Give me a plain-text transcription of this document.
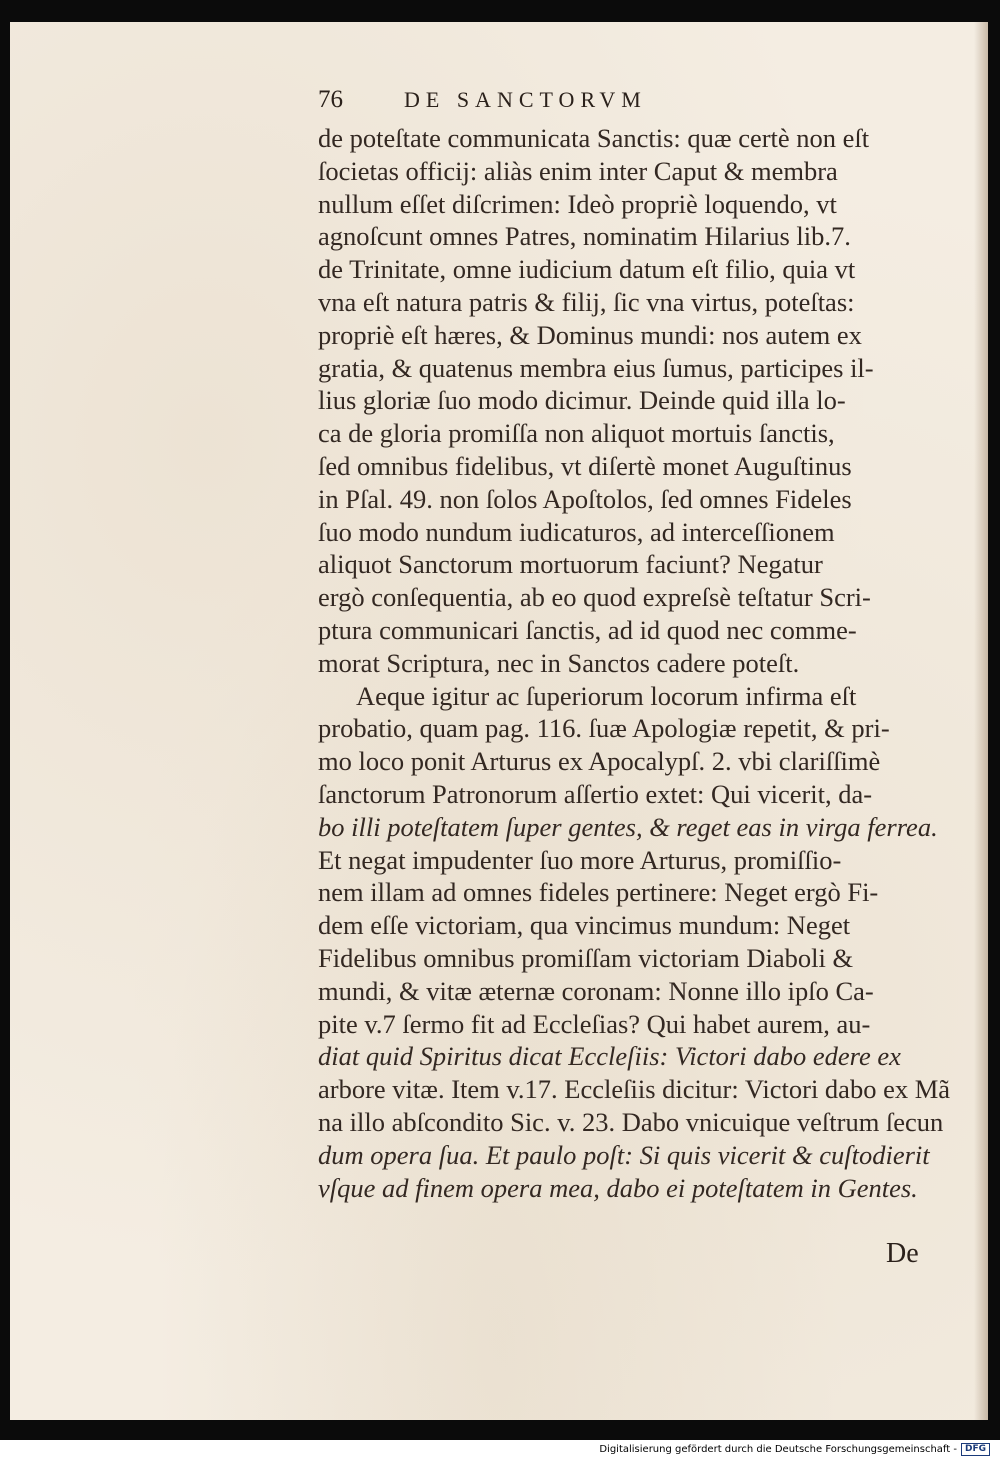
76	DE SANCTORVM
de poteſtate communicata Sanctis: quæ certè non eſt
ſocietas officij: aliàs enim inter Caput & membra
nullum eſſet diſcrimen: Ideò propriè loquendo, vt
agnoſcunt omnes Patres, nominatim Hilarius lib.7.
de Trinitate, omne iudicium datum eſt filio, quia vt
vna eſt natura patris & filij, ſic vna virtus, poteſtas:
propriè eſt hæres, & Dominus mundi: nos autem ex
gratia, & quatenus membra eius ſumus, participes il-
lius gloriæ ſuo modo dicimur. Deinde quid illa lo-
ca de gloria promiſſa non aliquot mortuis ſanctis,
ſed omnibus fidelibus, vt diſertè monet Auguſtinus
in Pſal. 49. non ſolos Apoſtolos, ſed omnes Fideles
ſuo modo nundum iudicaturos, ad interceſſionem
aliquot Sanctorum mortuorum faciunt? Negatur
ergò conſequentia, ab eo quod expreſsè teſtatur Scri-
ptura communicari ſanctis, ad id quod nec comme-
morat Scriptura, nec in Sanctos cadere poteſt.
Aeque igitur ac ſuperiorum locorum infirma eſt
probatio, quam pag. 116. ſuæ Apologiæ repetit, & pri-
mo loco ponit Arturus ex Apocalypſ. 2. vbi clariſſimè
ſanctorum Patronorum aſſertio extet: Qui vicerit, da-
bo illi poteſtatem ſuper gentes, & reget eas in virga ferrea.
Et negat impudenter ſuo more Arturus, promiſſio-
nem illam ad omnes fideles pertinere: Neget ergò Fi-
dem eſſe victoriam, qua vincimus mundum: Neget
Fidelibus omnibus promiſſam victoriam Diaboli &
mundi, & vitæ æternæ coronam: Nonne illo ipſo Ca-
pite v.7 ſermo fit ad Eccleſias? Qui habet aurem, au-
diat quid Spiritus dicat Eccleſiis: Victori dabo edere ex
arbore vitæ. Item v.17. Eccleſiis dicitur: Victori dabo ex Mã
na illo abſcondito Sic. v. 23. Dabo vnicuique veſtrum ſecun
dum opera ſua. Et paulo poſt: Si quis vicerit & cuſtodierit
vſque ad finem opera mea, dabo ei poteſtatem in Gentes.
De
Digitalisierung gefördert durch die Deutsche Forschungsgemeinschaft - DFG
